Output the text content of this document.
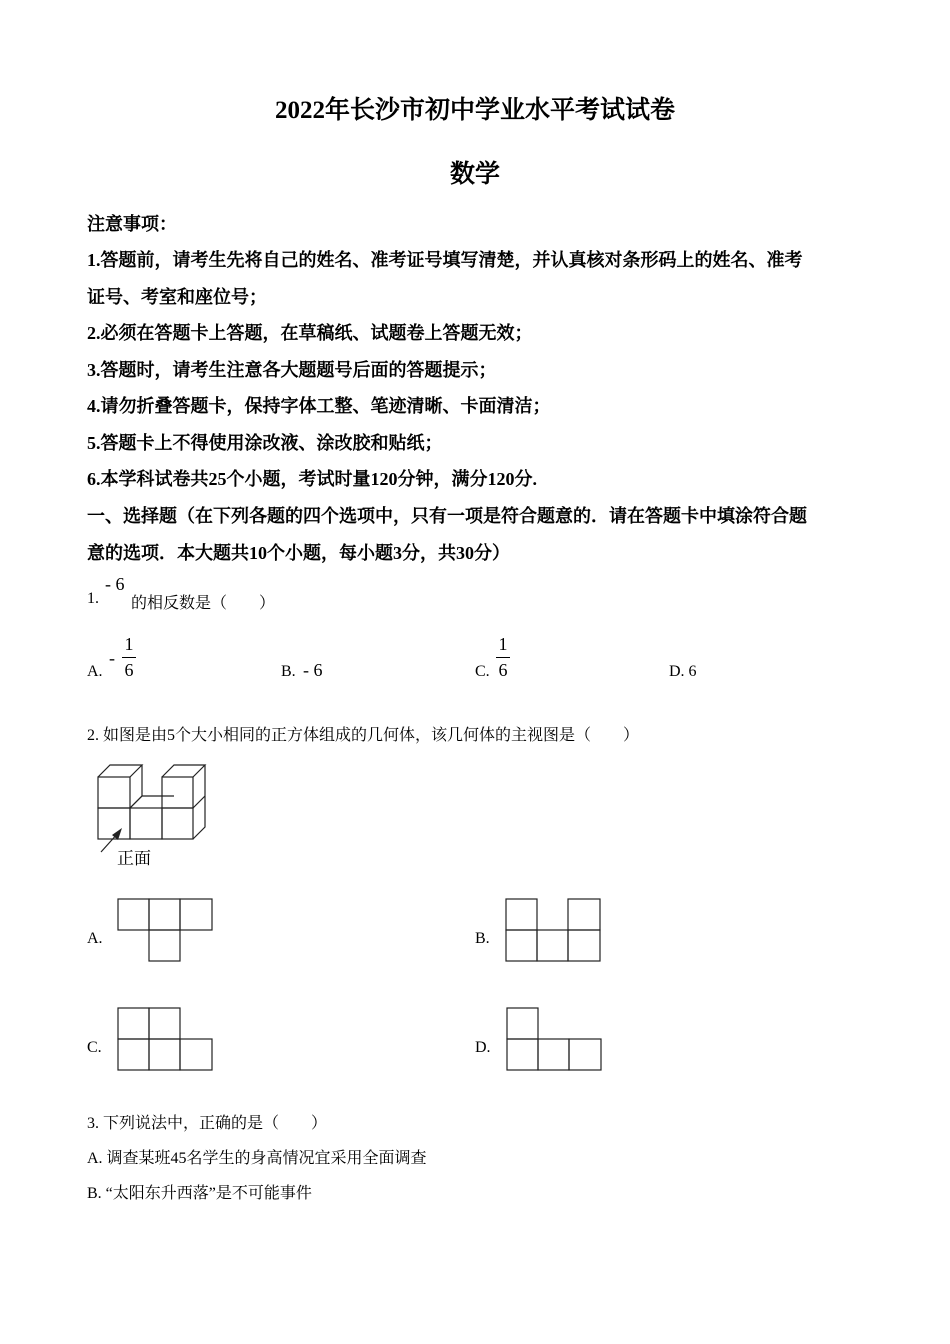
2022年长沙市初中学业水平考试试卷
数学
注意事项：
1.答题前，请考生先将自己的姓名、准考证号填写清楚，并认真核对条形码上的姓名、准考
证号、考室和座位号；
2.必须在答题卡上答题，在草稿纸、试题卷上答题无效；
3.答题时，请考生注意各大题题号后面的答题提示；
4.请勿折叠答题卡，保持字体工整、笔迹清晰、卡面清洁；
5.答题卡上不得使用涂改液、涂改胶和贴纸；
6.本学科试卷共25个小题，考试时量120分钟，满分120分.
一、选择题（在下列各题的四个选项中，只有一项是符合题意的．请在答题卡中填涂符合题
意的选项．本大题共10个小题，每小题3分，共30分）
1.
- 6
的相反数是（　　）
A.
-
1
6	B. - 6	C.
1
6	D. 6
2. 如图是由5个大小相同的正方体组成的几何体，该几何体的主视图是（　　）
正面
A.	B.
C.	D.
3. 下列说法中，正确的是（　　）
A. 调查某班45名学生的身高情况宜采用全面调查
B. “太阳东升西落”是不可能事件
